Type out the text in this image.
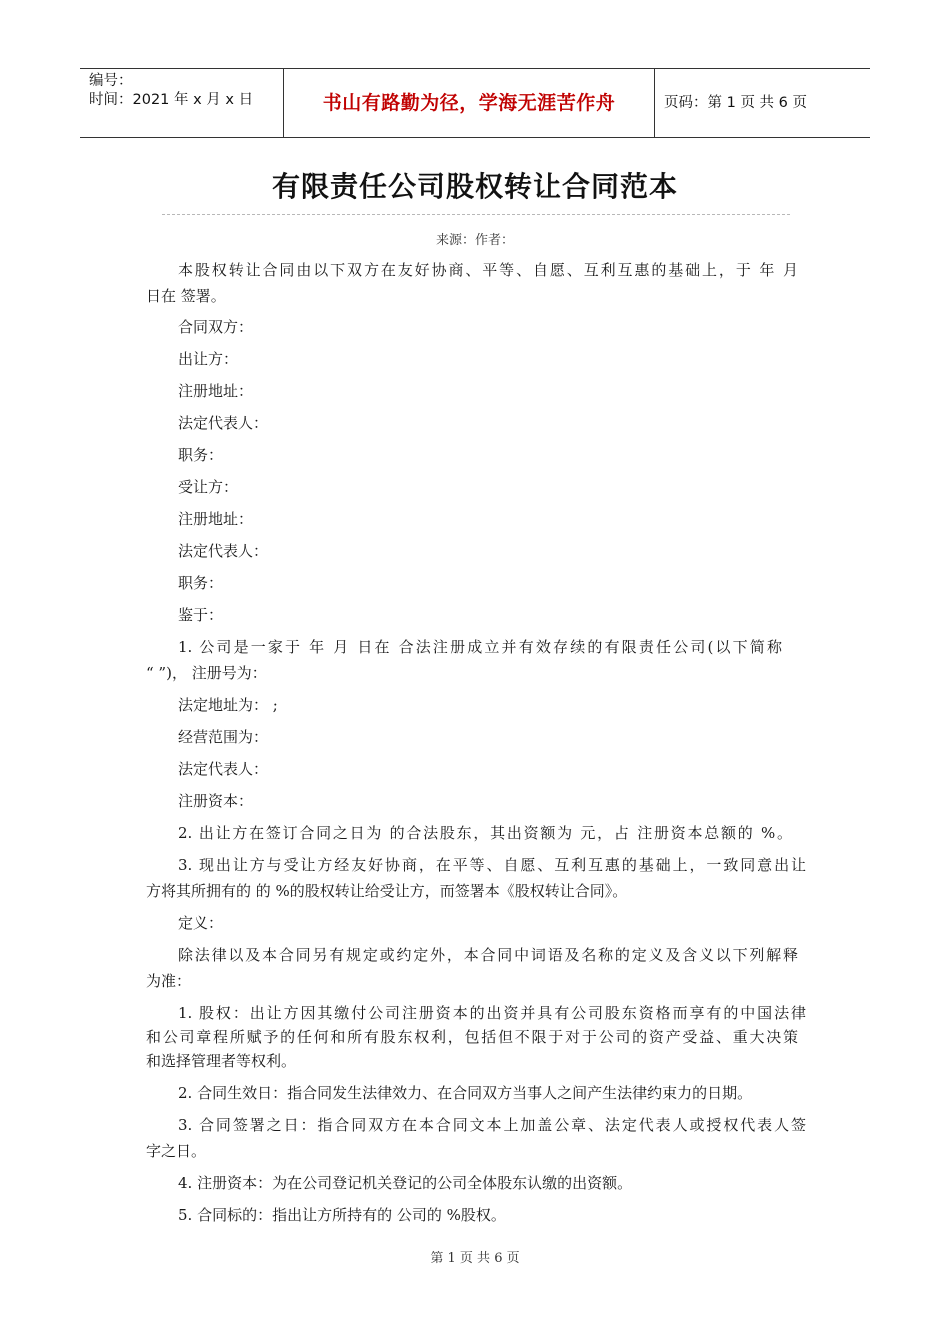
编号：
时间：2021 年 x 月 x 日	书山有路勤为径，学海无涯苦作舟	页码：第 1 页 共 6 页
有限责任公司股权转让合同范本
来源：作者：
本股权转让合同由以下双方在友好协商、平等、自愿、互利互惠的基础上，于 年 月
日在 签署。
合同双方：
出让方：
注册地址：
法定代表人：
职务：
受让方：
注册地址：
法定代表人：
职务：
鉴于：
1. 公司是一家于 年 月 日在 合法注册成立并有效存续的有限责任公司(以下简称
“ ”)， 注册号为：
法定地址为： ;
经营范围为：
法定代表人：
注册资本：
2. 出让方在签订合同之日为 的合法股东，其出资额为 元，占 注册资本总额的 %。
3. 现出让方与受让方经友好协商，在平等、自愿、互利互惠的基础上，一致同意出让
方将其所拥有的 的 %的股权转让给受让方，而签署本《股权转让合同》。
定义：
除法律以及本合同另有规定或约定外，本合同中词语及名称的定义及含义以下列解释
为准：
1. 股权：出让方因其缴付公司注册资本的出资并具有公司股东资格而享有的中国法律
和公司章程所赋予的任何和所有股东权利，包括但不限于对于公司的资产受益、重大决策
和选择管理者等权利。
2. 合同生效日：指合同发生法律效力、在合同双方当事人之间产生法律约束力的日期。
3. 合同签署之日：指合同双方在本合同文本上加盖公章、法定代表人或授权代表人签
字之日。
4. 注册资本：为在公司登记机关登记的公司全体股东认缴的出资额。
5. 合同标的：指出让方所持有的 公司的 %股权。
第 1 页 共 6 页
